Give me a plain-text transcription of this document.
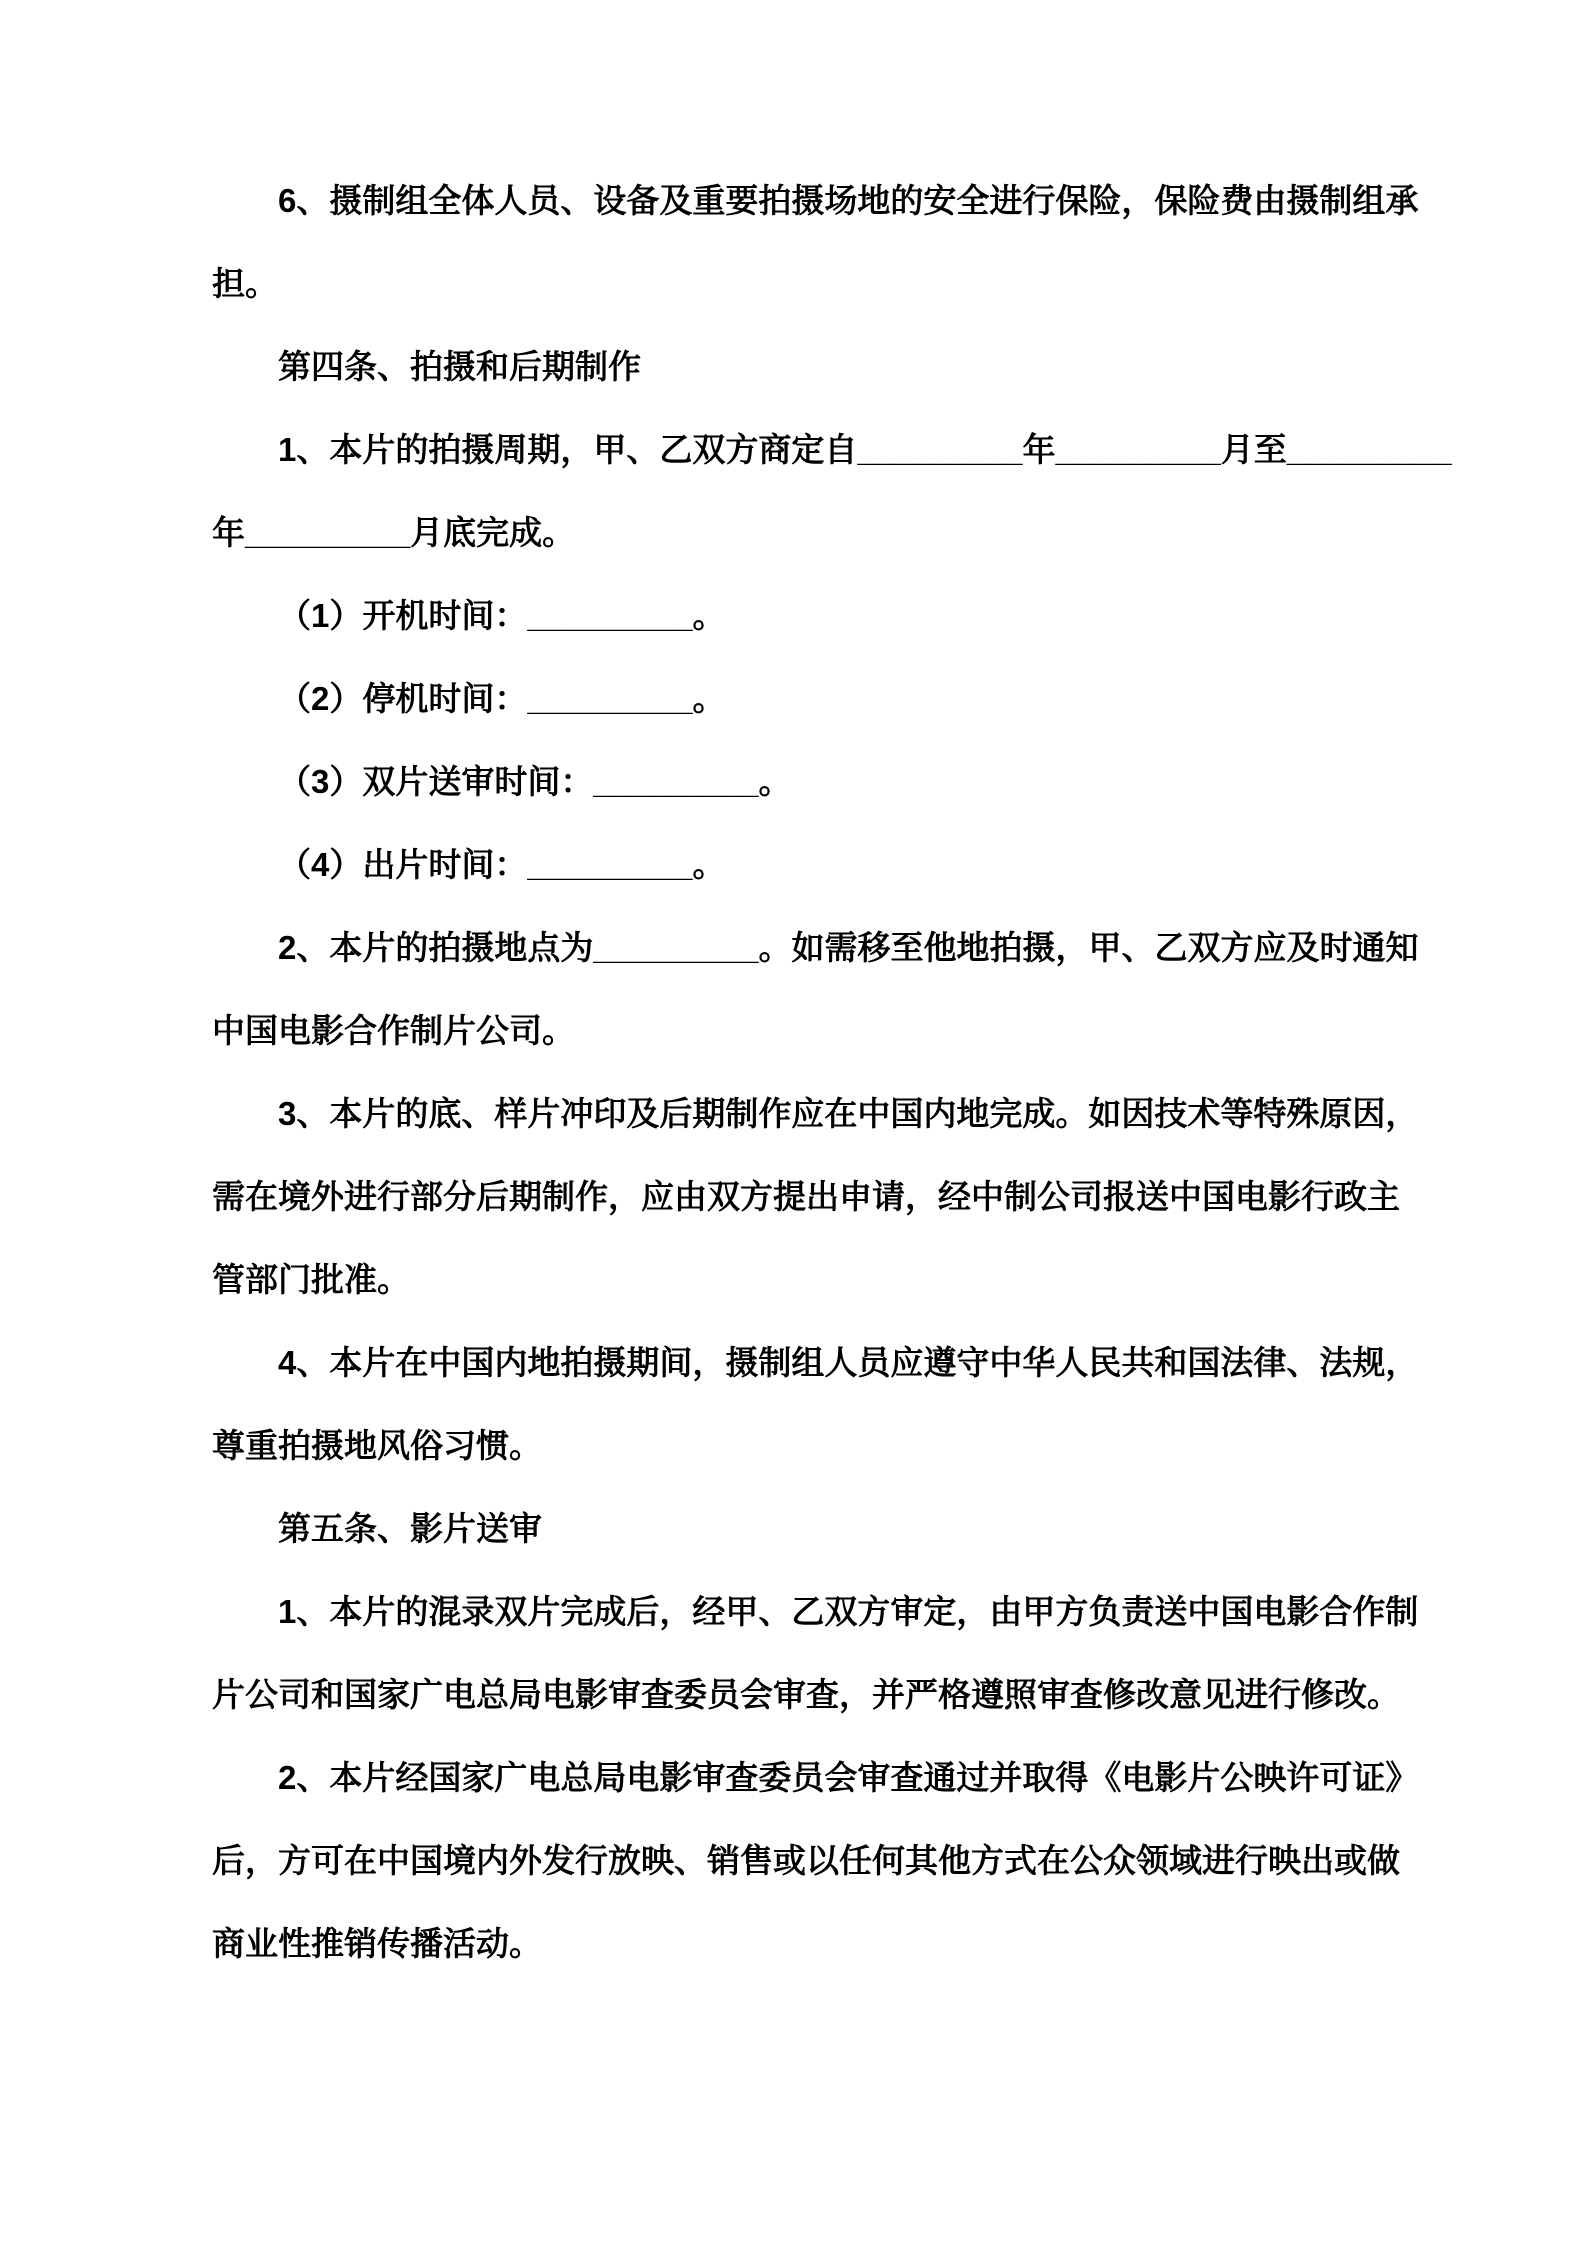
6、摄制组全体人员、设备及重要拍摄场地的安全进行保险，保险费由摄制组承
担。
第四条、拍摄和后期制作
1、本片的拍摄周期，甲、乙双方商定自_________年_________月至_________
年_________月底完成。
（1）开机时间：_________。
（2）停机时间：_________。
（3）双片送审时间：_________。
（4）出片时间：_________。
2、本片的拍摄地点为_________。如需移至他地拍摄，甲、乙双方应及时通知
中国电影合作制片公司。
3、本片的底、样片冲印及后期制作应在中国内地完成。如因技术等特殊原因，
需在境外进行部分后期制作，应由双方提出申请，经中制公司报送中国电影行政主
管部门批准。
4、本片在中国内地拍摄期间，摄制组人员应遵守中华人民共和国法律、法规，
尊重拍摄地风俗习惯。
第五条、影片送审
1、本片的混录双片完成后，经甲、乙双方审定，由甲方负责送中国电影合作制
片公司和国家广电总局电影审查委员会审查，并严格遵照审查修改意见进行修改。
2、本片经国家广电总局电影审查委员会审查通过并取得《电影片公映许可证》
后，方可在中国境内外发行放映、销售或以任何其他方式在公众领域进行映出或做
商业性推销传播活动。
